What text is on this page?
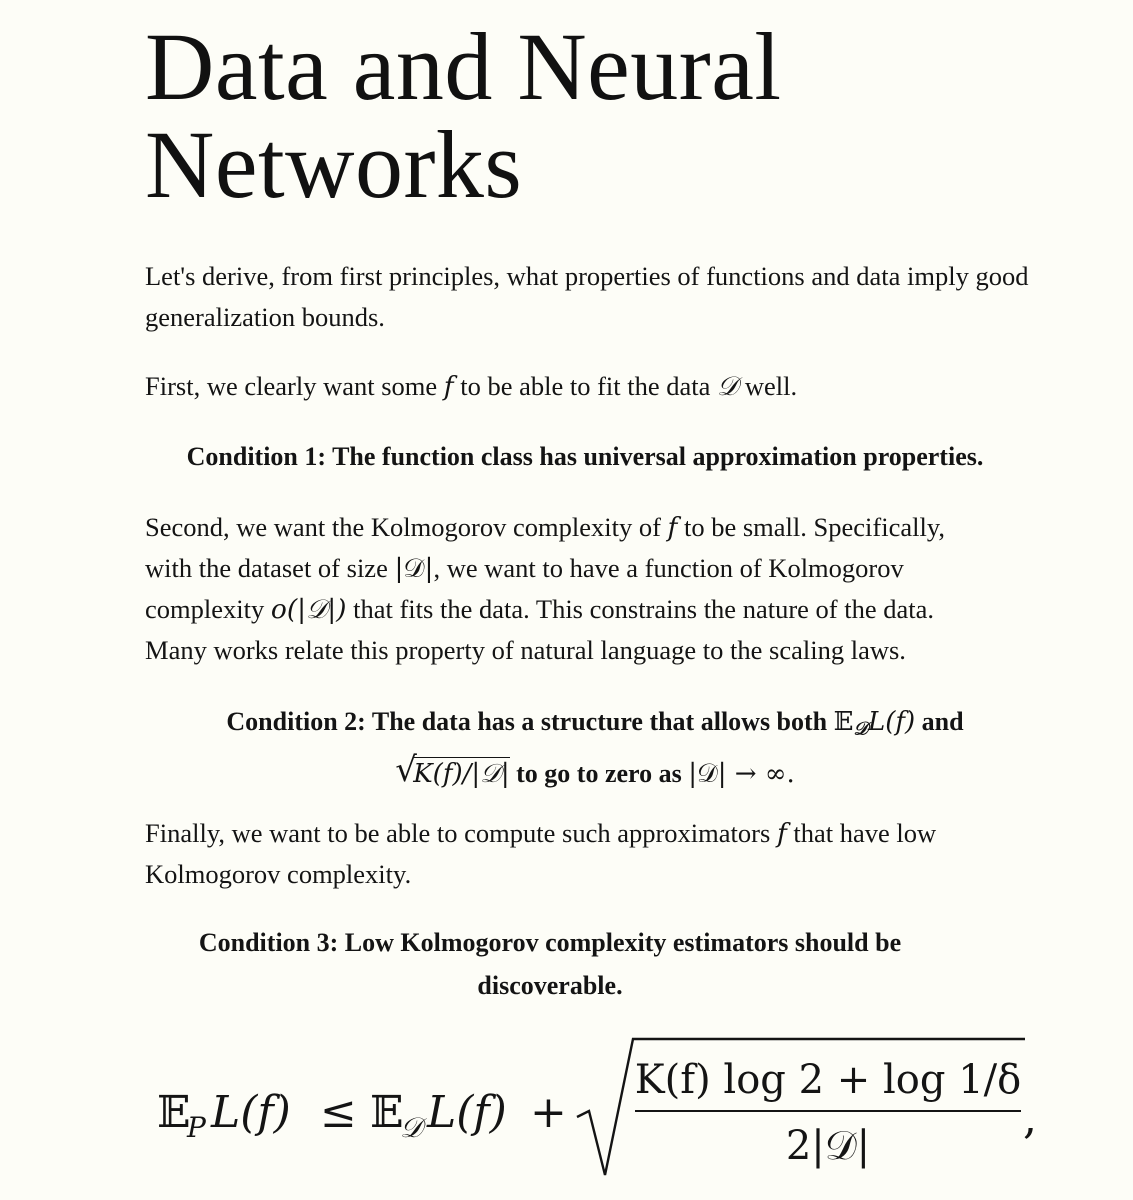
Data and Neural
Networks

Let's derive, from first principles, what properties of functions and data imply good generalization bounds.

First, we clearly want some f to be able to fit the data 𝒟 well.

Condition 1: The function class has universal approximation properties.

Second, we want the Kolmogorov complexity of f to be small. Specifically,
with the dataset of size |𝒟|, we want to have a function of Kolmogorov
complexity o(|𝒟|) that fits the data. This constrains the nature of the data.
Many works relate this property of natural language to the scaling laws.
Condition 2: The data has a structure that allows both 𝔼$_𝒟$L(f) and
√
K(f)/|𝒟| to go to zero as |𝒟| → ∞.
Finally, we want to be able to compute such approximators f that have low
Kolmogorov complexity.
Condition 3: Low Kolmogorov complexity estimators should be
discoverable.
𝔼
P L(f) ≤ 𝔼
𝒟 L(f) +
K(f) log 2 + log 1/δ
2|𝒟|
,
